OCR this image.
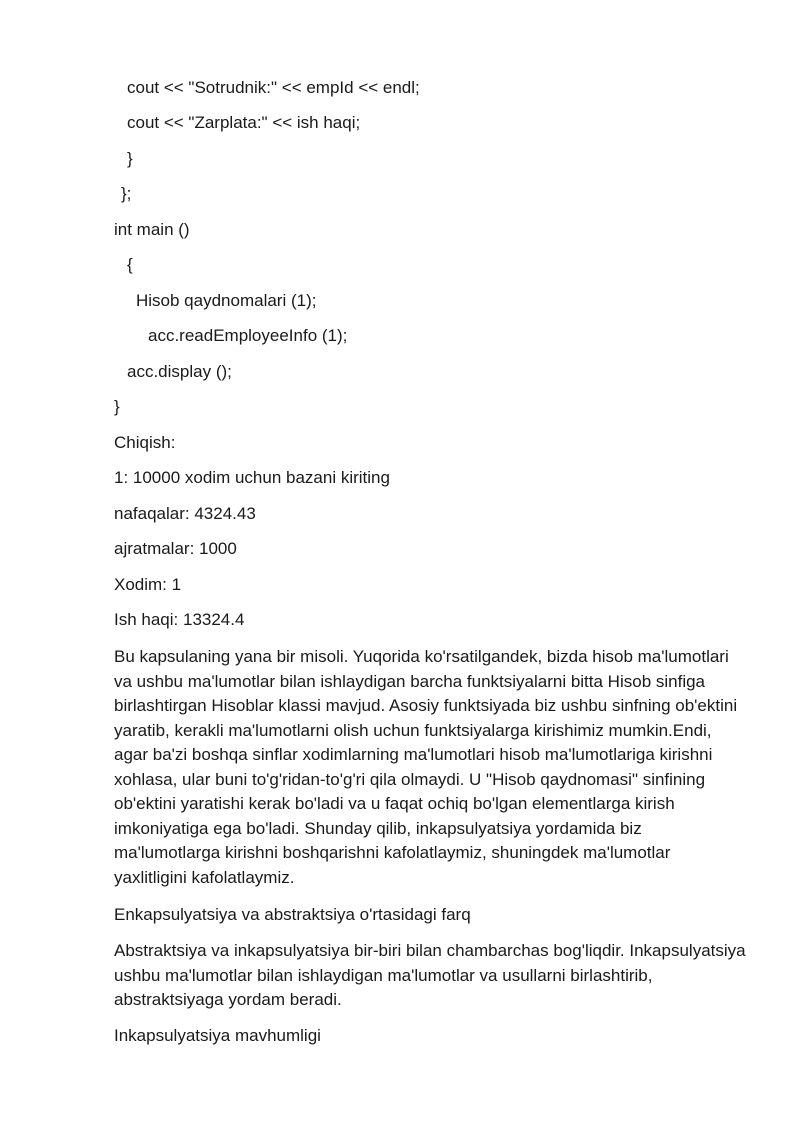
cout << "Sotrudnik:" << empId << endl;

cout << "Zarplata:" << ish haqi;

}

};

int main ()

{

Hisob qaydnomalari (1);

acc.readEmployeeInfo (1);

acc.display ();

}

Chiqish:

1: 10000 xodim uchun bazani kiriting

nafaqalar: 4324.43

ajratmalar: 1000

Xodim: 1

Ish haqi: 13324.4

Bu kapsulaning yana bir misoli. Yuqorida ko'rsatilgandek, bizda hisob ma'lumotlari va ushbu ma'lumotlar bilan ishlaydigan barcha funktsiyalarni bitta Hisob sinfiga birlashtirgan Hisoblar klassi mavjud. Asosiy funktsiyada biz ushbu sinfning ob'ektini yaratib, kerakli ma'lumotlarni olish uchun funktsiyalarga kirishimiz mumkin.Endi, agar ba'zi boshqa sinflar xodimlarning ma'lumotlari hisob ma'lumotlariga kirishni xohlasa, ular buni to'g'ridan-to'g'ri qila olmaydi. U "Hisob qaydnomasi" sinfining ob'ektini yaratishi kerak bo'ladi va u faqat ochiq bo'lgan elementlarga kirish imkoniyatiga ega bo'ladi. Shunday qilib, inkapsulyatsiya yordamida biz ma'lumotlarga kirishni boshqarishni kafolatlaymiz, shuningdek ma'lumotlar yaxlitligini kafolatlaymiz.

Enkapsulyatsiya va abstraktsiya o'rtasidagi farq

Abstraktsiya va inkapsulyatsiya bir-biri bilan chambarchas bog'liqdir. Inkapsulyatsiya ushbu ma'lumotlar bilan ishlaydigan ma'lumotlar va usullarni birlashtirib, abstraktsiyaga yordam beradi.

Inkapsulyatsiya mavhumligi
